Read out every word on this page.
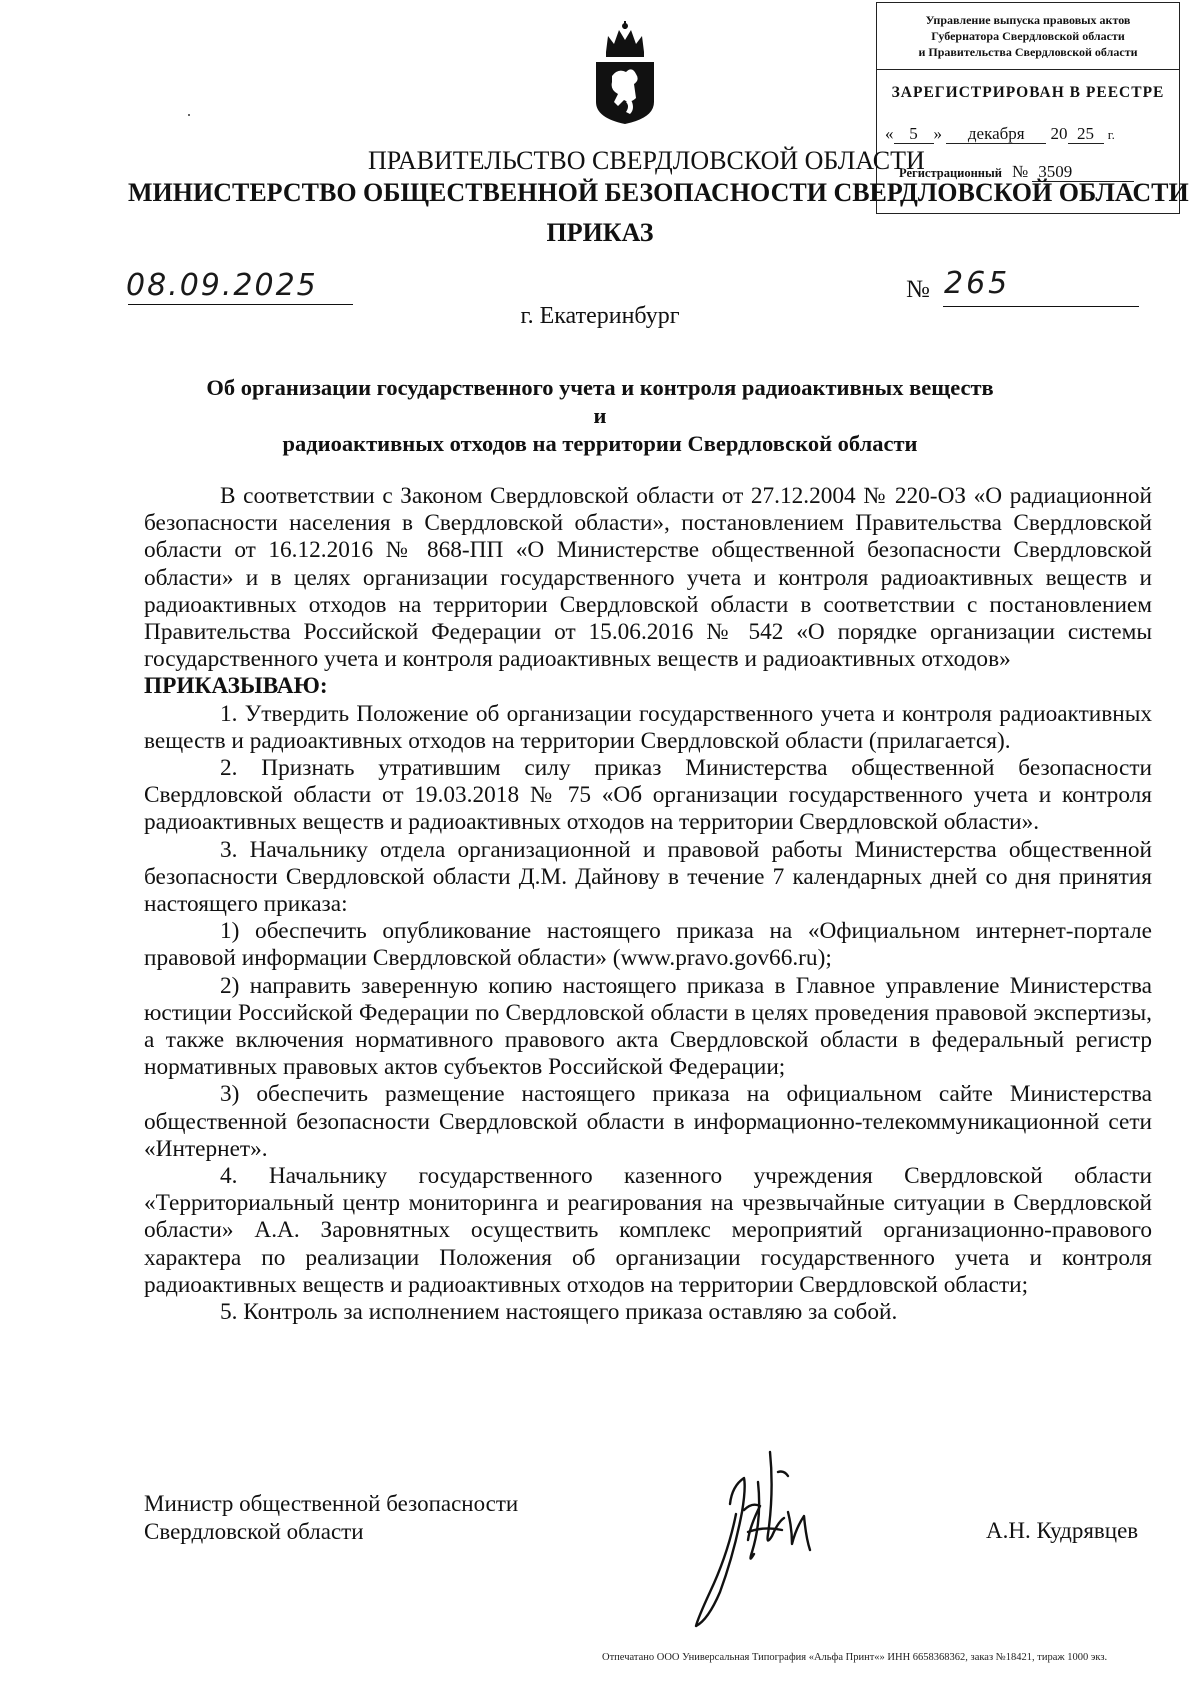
Управление выпуска правовых актов
Губернатора Свердловской области
и Правительства Свердловской области
ЗАРЕГИСТРИРОВАН В РЕЕСТРЕ
« 5 » декабря 20 25 г.
Регистрационный № 3509
ПРАВИТЕЛЬСТВО СВЕРДЛОВСКОЙ ОБЛАСТИ
МИНИСТЕРСТВО ОБЩЕСТВЕННОЙ БЕЗОПАСНОСТИ СВЕРДЛОВСКОЙ ОБЛАСТИ
ПРИКАЗ
08.09.2025
г. Екатеринбург
№ 265
Об организации государственного учета и контроля радиоактивных веществ и
радиоактивных отходов на территории Свердловской области

В соответствии с Законом Свердловской области от 27.12.2004 № 220-ОЗ «О радиационной безопасности населения в Свердловской области», постановлением Правительства Свердловской области от 16.12.2016 № 868-ПП «О Министерстве общественной безопасности Свердловской области» и в целях организации государственного учета и контроля радиоактивных веществ и радиоактивных отходов на территории Свердловской области в соответствии с постановлением Правительства Российской Федерации от 15.06.2016 № 542 «О порядке организации системы государственного учета и контроля радиоактивных веществ и радиоактивных отходов»

ПРИКАЗЫВАЮ:

1. Утвердить Положение об организации государственного учета и контроля радиоактивных веществ и радиоактивных отходов на территории Свердловской области (прилагается).

2. Признать утратившим силу приказ Министерства общественной безопасности Свердловской области от 19.03.2018 № 75 «Об организации государственного учета и контроля радиоактивных веществ и радиоактивных отходов на территории Свердловской области».

3. Начальнику отдела организационной и правовой работы Министерства общественной безопасности Свердловской области Д.М. Дайнову в течение 7 календарных дней со дня принятия настоящего приказа:

1) обеспечить опубликование настоящего приказа на «Официальном интернет-портале правовой информации Свердловской области» (www.pravo.gov66.ru);

2) направить заверенную копию настоящего приказа в Главное управление Министерства юстиции Российской Федерации по Свердловской области в целях проведения правовой экспертизы, а также включения нормативного правового акта Свердловской области в федеральный регистр нормативных правовых актов субъектов Российской Федерации;

3) обеспечить размещение настоящего приказа на официальном сайте Министерства общественной безопасности Свердловской области в информационно-телекоммуникационной сети «Интернет».

4. Начальнику государственного казенного учреждения Свердловской области «Территориальный центр мониторинга и реагирования на чрезвычайные ситуации в Свердловской области» А.А. Заровнятных осуществить комплекс мероприятий организационно-правового характера по реализации Положения об организации государственного учета и контроля радиоактивных веществ и радиоактивных отходов на территории Свердловской области;

5. Контроль за исполнением настоящего приказа оставляю за собой.

Министр общественной безопасности
Свердловской области	А.Н. Кудрявцев
Отпечатано ООО Универсальная Типография «Альфа Принт«» ИНН 6658368362, заказ №18421, тираж 1000 экз.
